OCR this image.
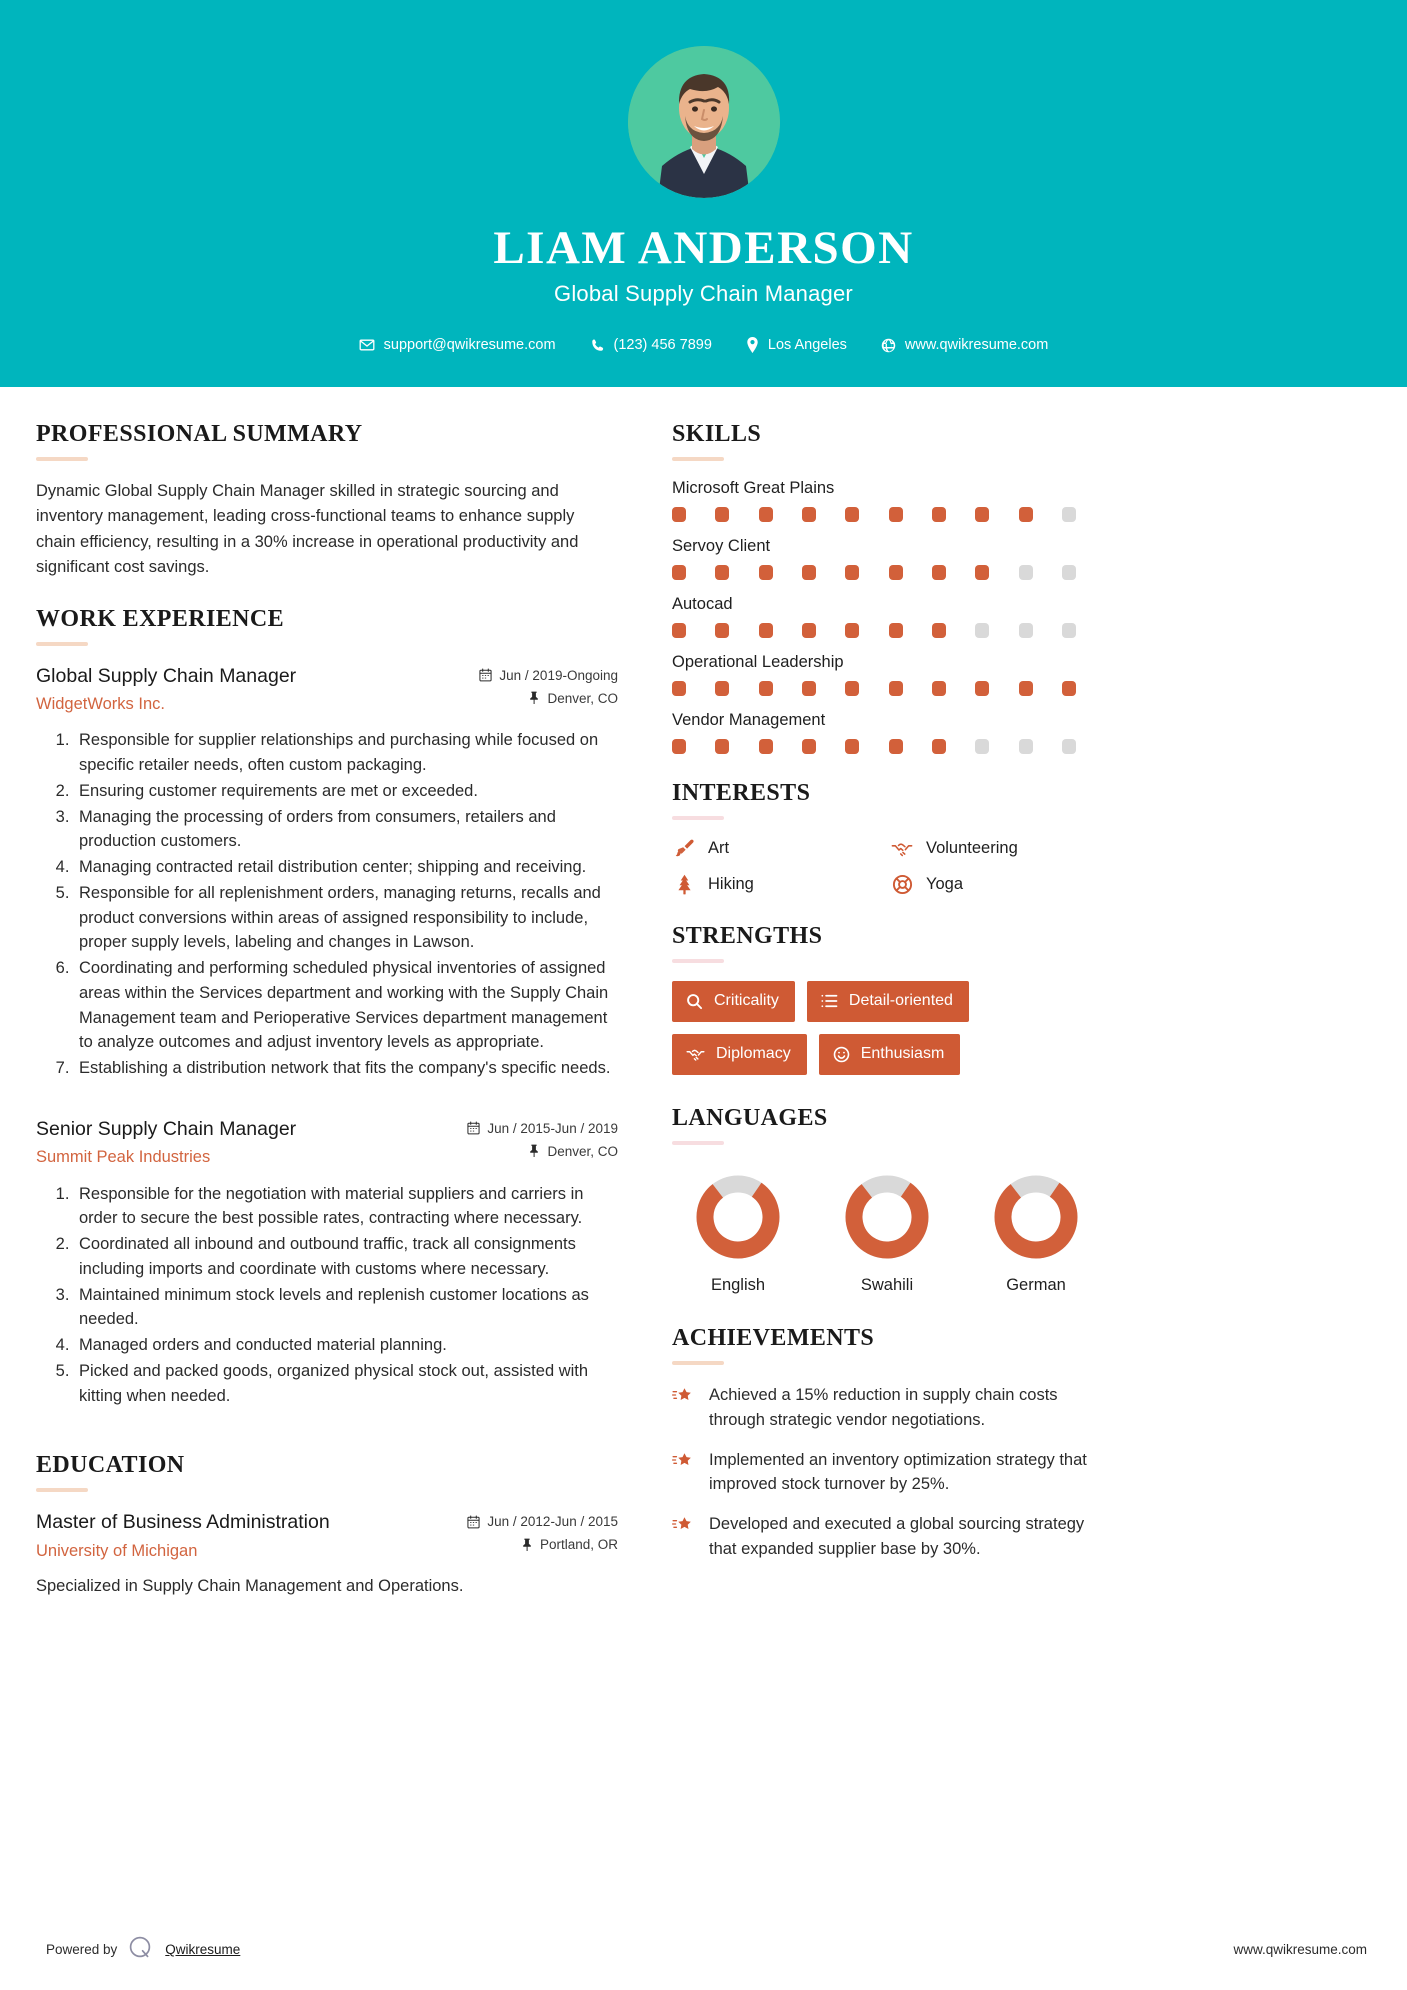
LIAM ANDERSON
Global Supply Chain Manager
support@qwikresume.com	(123) 456 7899	Los Angeles	www.qwikresume.com
PROFESSIONAL SUMMARY
Dynamic Global Supply Chain Manager skilled in strategic sourcing and inventory management, leading cross-functional teams to enhance supply chain efficiency, resulting in a 30% increase in operational productivity and significant cost savings.
WORK EXPERIENCE
Global Supply Chain Manager
WidgetWorks Inc.
Jun / 2019-Ongoing
Denver, CO
1. Responsible for supplier relationships and purchasing while focused on specific retailer needs, often custom packaging.
2. Ensuring customer requirements are met or exceeded.
3. Managing the processing of orders from consumers, retailers and production customers.
4. Managing contracted retail distribution center; shipping and receiving.
5. Responsible for all replenishment orders, managing returns, recalls and product conversions within areas of assigned responsibility to include, proper supply levels, labeling and changes in Lawson.
6. Coordinating and performing scheduled physical inventories of assigned areas within the Services department and working with the Supply Chain Management team and Perioperative Services department management to analyze outcomes and adjust inventory levels as appropriate.
7. Establishing a distribution network that fits the company's specific needs.
Senior Supply Chain Manager
Summit Peak Industries
Jun / 2015-Jun / 2019
Denver, CO
1. Responsible for the negotiation with material suppliers and carriers in order to secure the best possible rates, contracting where necessary.
2. Coordinated all inbound and outbound traffic, track all consignments including imports and coordinate with customs where necessary.
3. Maintained minimum stock levels and replenish customer locations as needed.
4. Managed orders and conducted material planning.
5. Picked and packed goods, organized physical stock out, assisted with kitting when needed.
EDUCATION
Master of Business Administration
University of Michigan
Jun / 2012-Jun / 2015
Portland, OR
Specialized in Supply Chain Management and Operations.
SKILLS
Microsoft Great Plains
Servoy Client
Autocad
Operational Leadership
Vendor Management
INTERESTS
Art	Volunteering
Hiking	Yoga
STRENGTHS
Criticality	Detail-oriented
Diplomacy	Enthusiasm
LANGUAGES
English	Swahili	German
ACHIEVEMENTS
Achieved a 15% reduction in supply chain costs through strategic vendor negotiations.
Implemented an inventory optimization strategy that improved stock turnover by 25%.
Developed and executed a global sourcing strategy that expanded supplier base by 30%.
Powered by	Qwikresume	www.qwikresume.com
